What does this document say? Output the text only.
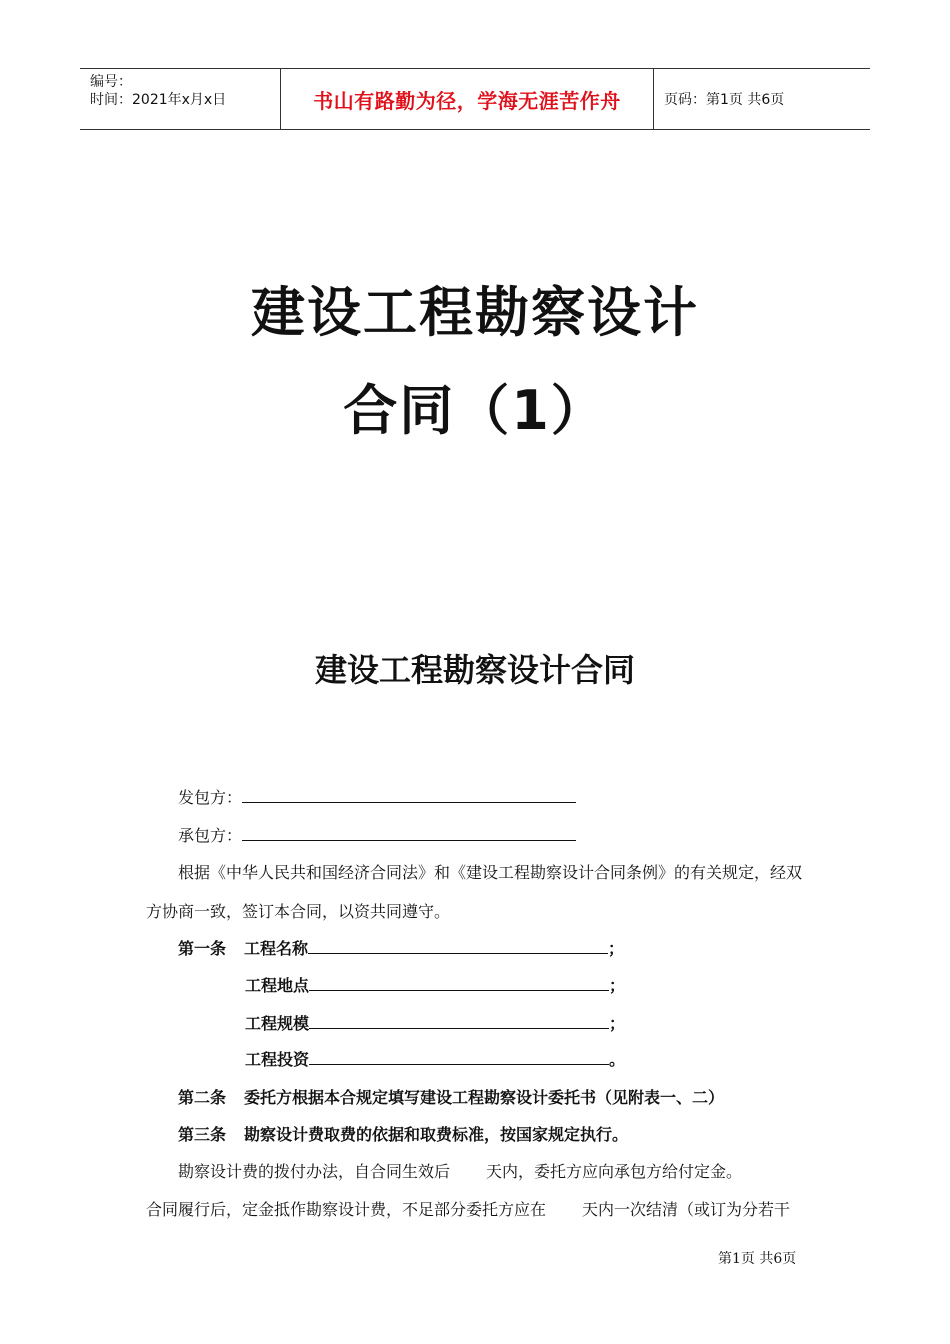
编号：
时间：2021年x月x日	书山有路勤为径，学海无涯苦作舟	页码：第1页 共6页
建设工程勘察设计
合同（1）
建设工程勘察设计合同
发包方：
承包方：
根据《中华人民共和国经济合同法》和《建设工程勘察设计合同条例》的有关规定，经双
方协商一致，签订本合同，以资共同遵守。
第一条 工程名称	；
工程地点	；
工程规模	；
工程投资	。
第二条 委托方根据本合规定填写建设工程勘察设计委托书（见附表一、二）
第三条 勘察设计费取费的依据和取费标准，按国家规定执行。
勘察设计费的拨付办法，自合同生效后 天内，委托方应向承包方给付定金。
合同履行后，定金抵作勘察设计费，不足部分委托方应在 天内一次结清（或订为分若干
第1页 共6页
